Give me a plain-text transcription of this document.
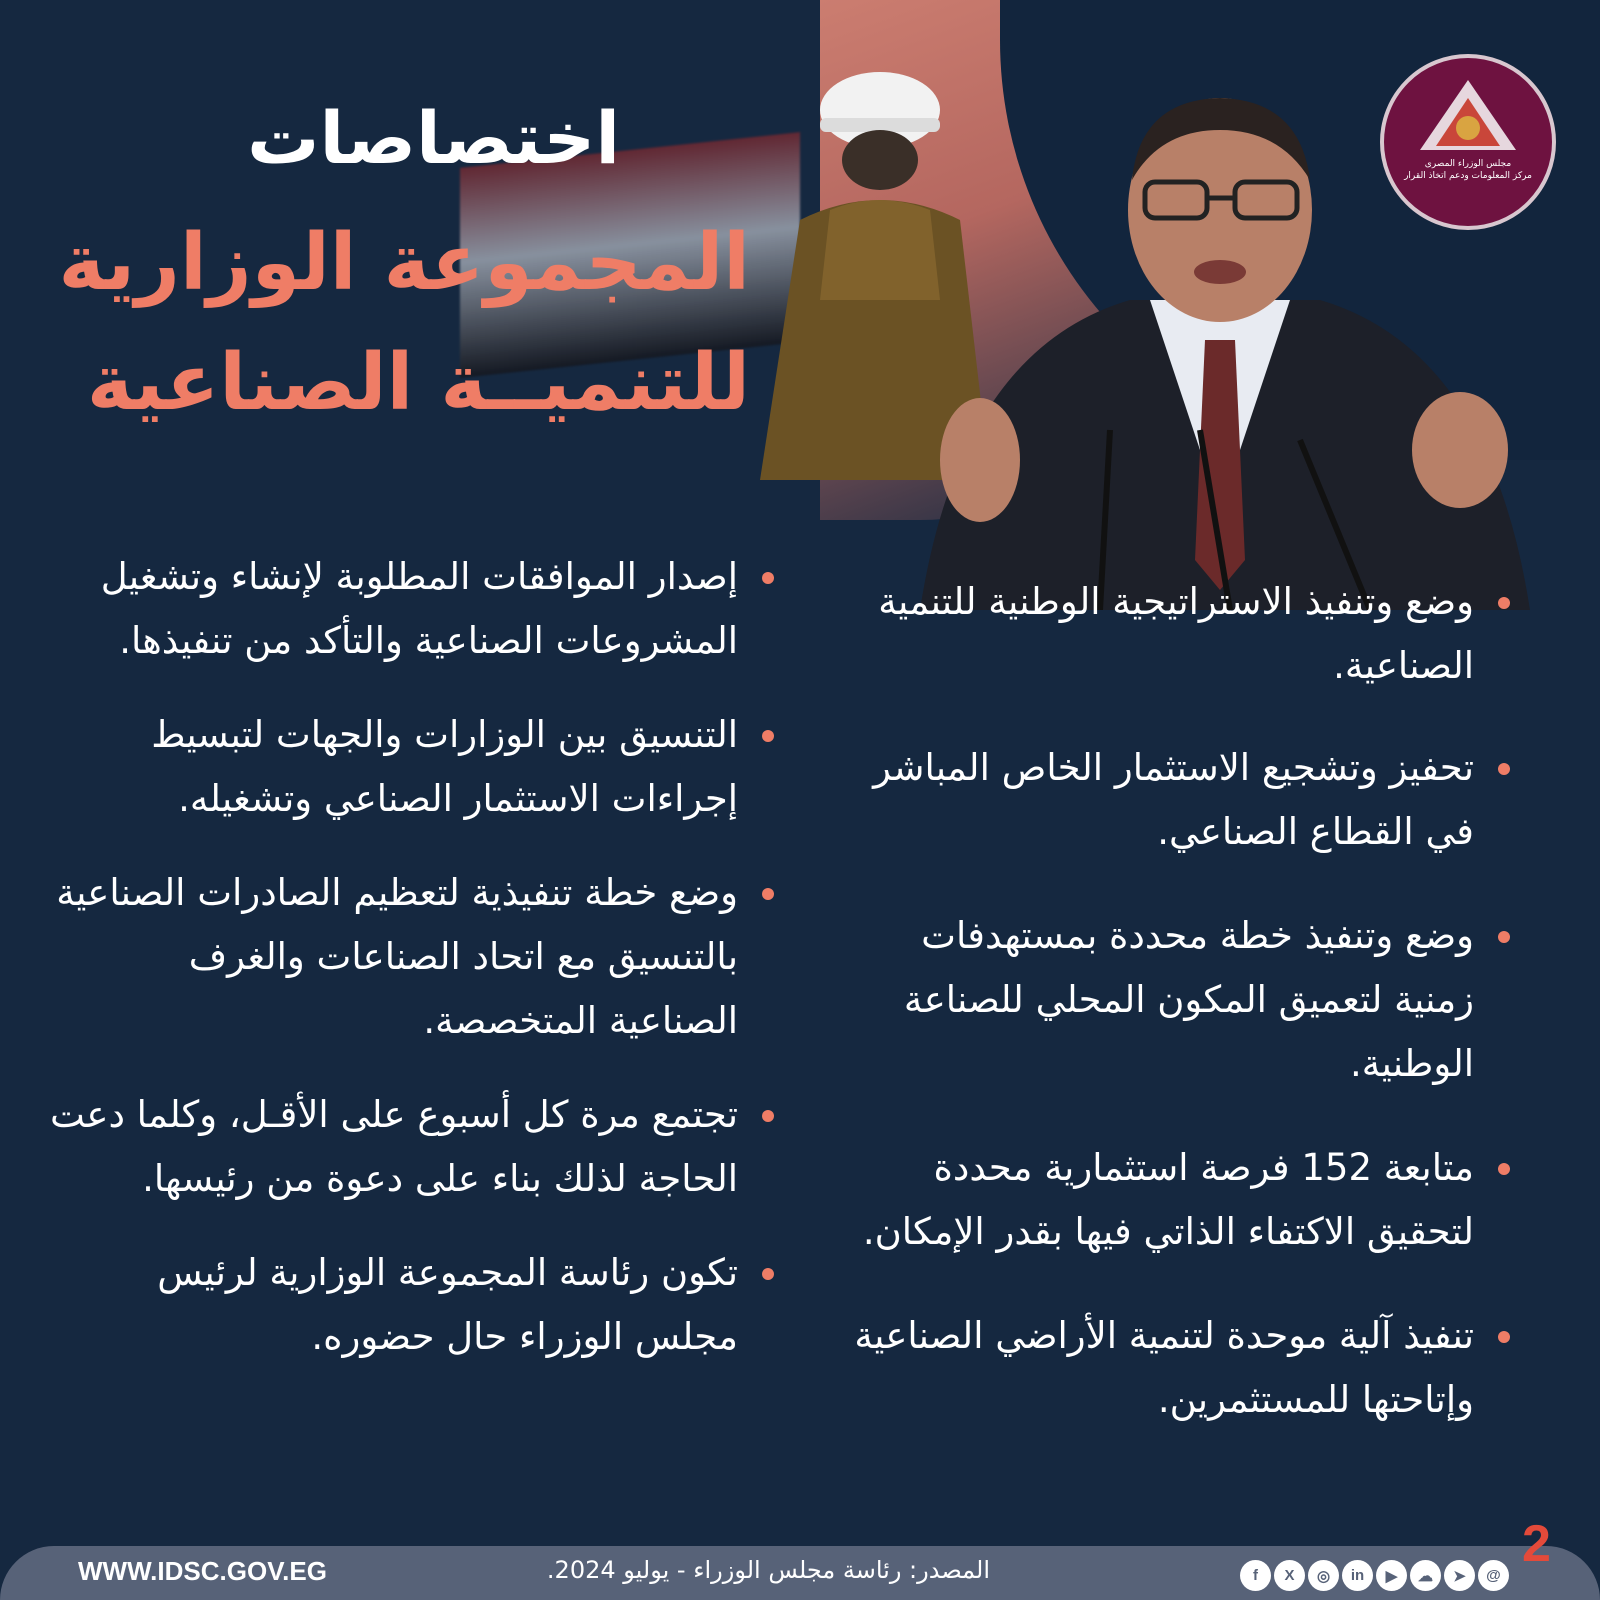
مجلس الوزراء المصرى
مركز المعلومات ودعم اتخاذ القرار
اختصاصات
المجموعة الوزارية
للتنميــة الصناعية

وضع وتنفيذ الاستراتيجية الوطنية للتنمية الصناعية.

تحفيز وتشجيع الاستثمار الخاص المباشر في القطاع الصناعي.

وضع وتنفيذ خطة محددة بمستهدفات زمنية لتعميق المكون المحلي للصناعة الوطنية.

متابعة 152 فرصة استثمارية محددة لتحقيق الاكتفاء الذاتي فيها بقدر الإمكان.

تنفيذ آلية موحدة لتنمية الأراضي الصناعية وإتاحتها للمستثمرين.

إصدار الموافقات المطلوبة لإنشاء وتشغيل المشروعات الصناعية والتأكد من تنفيذها.

التنسيق بين الوزارات والجهات لتبسيط إجراءات الاستثمار الصناعي وتشغيله.

وضع خطة تنفيذية لتعظيم الصادرات الصناعية بالتنسيق مع اتحاد الصناعات والغرف الصناعية المتخصصة.

تجتمع مرة كل أسبوع على الأقـل، وكلما دعت الحاجة لذلك بناء على دعوة من رئيسها.

تكون رئاسة المجموعة الوزارية لرئيس مجلس الوزراء حال حضوره.

WWW.IDSC.GOV.EG	المصدر: رئاسة مجلس الوزراء - يوليو 2024.	2
f	X	◎	in	▶	☁	➤	@
